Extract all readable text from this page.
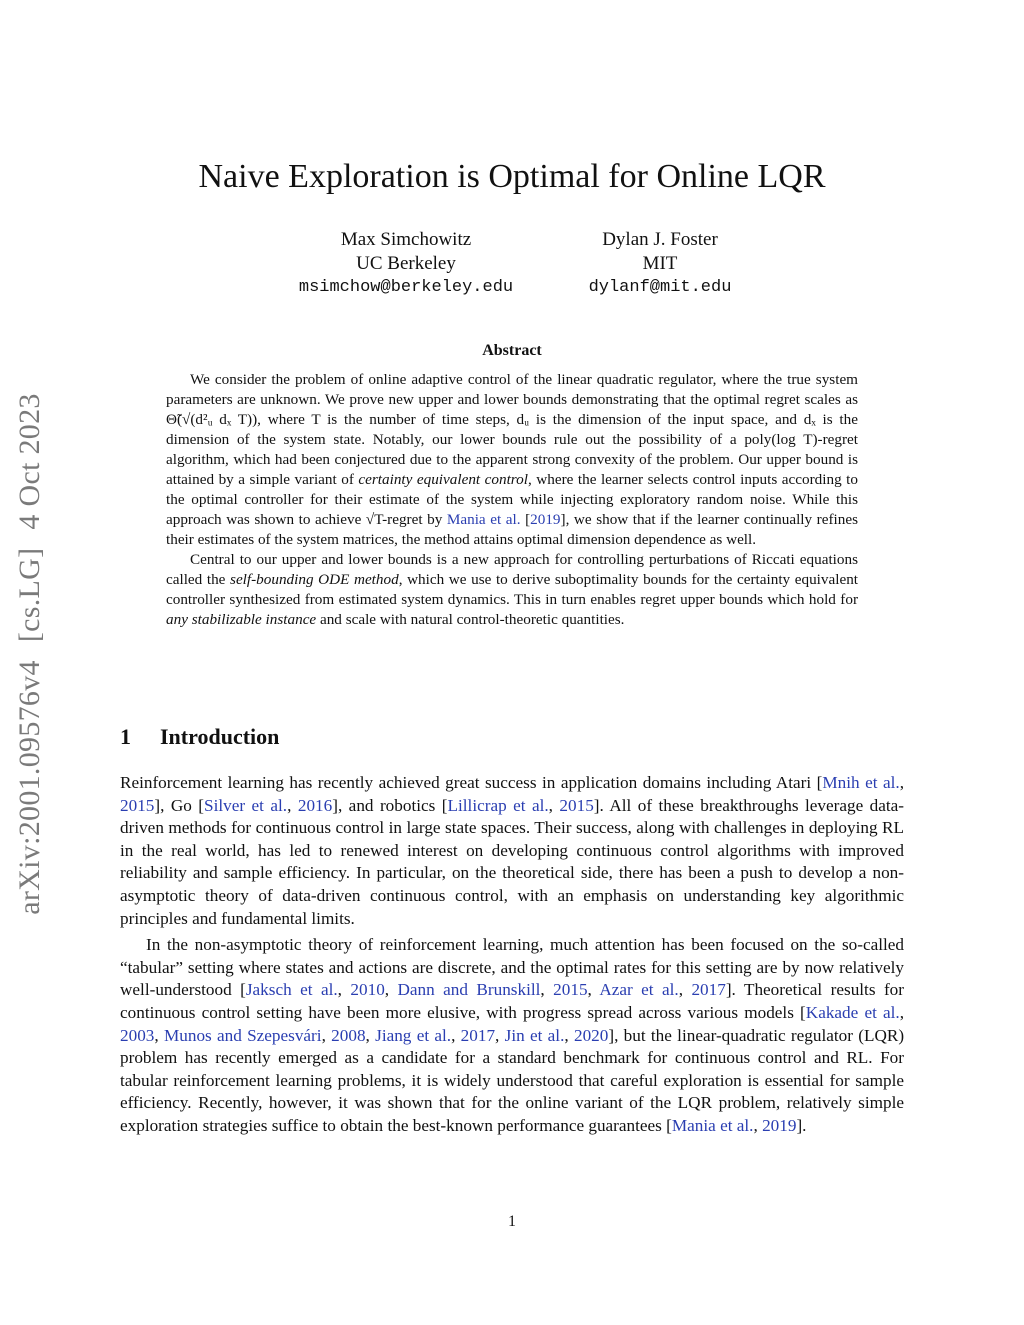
arXiv:2001.09576v4[cs.LG]4 Oct 2023
Naive Exploration is Optimal for Online LQR
Max Simchowitz
UC Berkeley
msimchow@berkeley.edu
Dylan J. Foster
MIT
dylanf@mit.edu
Abstract

We consider the problem of online adaptive control of the linear quadratic regulator, where the true system parameters are unknown. We prove new upper and lower bounds demonstrating that the optimal regret scales as Θ̃(√(d²ᵤ dₓ T)), where T is the number of time steps, dᵤ is the dimension of the input space, and dₓ is the dimension of the system state. Notably, our lower bounds rule out the possibility of a poly(log T)-regret algorithm, which had been conjectured due to the apparent strong convexity of the problem. Our upper bound is attained by a simple variant of certainty equivalent control, where the learner selects control inputs according to the optimal controller for their estimate of the system while injecting exploratory random noise. While this approach was shown to achieve √T-regret by Mania et al. [2019], we show that if the learner continually refines their estimates of the system matrices, the method attains optimal dimension dependence as well.

Central to our upper and lower bounds is a new approach for controlling perturbations of Riccati equations called the self-bounding ODE method, which we use to derive suboptimality bounds for the certainty equivalent controller synthesized from estimated system dynamics. This in turn enables regret upper bounds which hold for any stabilizable instance and scale with natural control-theoretic quantities.

1 Introduction

Reinforcement learning has recently achieved great success in application domains including Atari [Mnih et al., 2015], Go [Silver et al., 2016], and robotics [Lillicrap et al., 2015]. All of these breakthroughs leverage data-driven methods for continuous control in large state spaces. Their success, along with challenges in deploying RL in the real world, has led to renewed interest on developing continuous control algorithms with improved reliability and sample efficiency. In particular, on the theoretical side, there has been a push to develop a non-asymptotic theory of data-driven continuous control, with an emphasis on understanding key algorithmic principles and fundamental limits.

In the non-asymptotic theory of reinforcement learning, much attention has been focused on the so-called “tabular” setting where states and actions are discrete, and the optimal rates for this setting are by now relatively well-understood [Jaksch et al., 2010, Dann and Brunskill, 2015, Azar et al., 2017]. Theoretical results for continuous control setting have been more elusive, with progress spread across various models [Kakade et al., 2003, Munos and Szepesvári, 2008, Jiang et al., 2017, Jin et al., 2020], but the linear-quadratic regulator (LQR) problem has recently emerged as a candidate for a standard benchmark for continuous control and RL. For tabular reinforcement learning problems, it is widely understood that careful exploration is essential for sample efficiency. Recently, however, it was shown that for the online variant of the LQR problem, relatively simple exploration strategies suffice to obtain the best-known performance guarantees [Mania et al., 2019].

1
